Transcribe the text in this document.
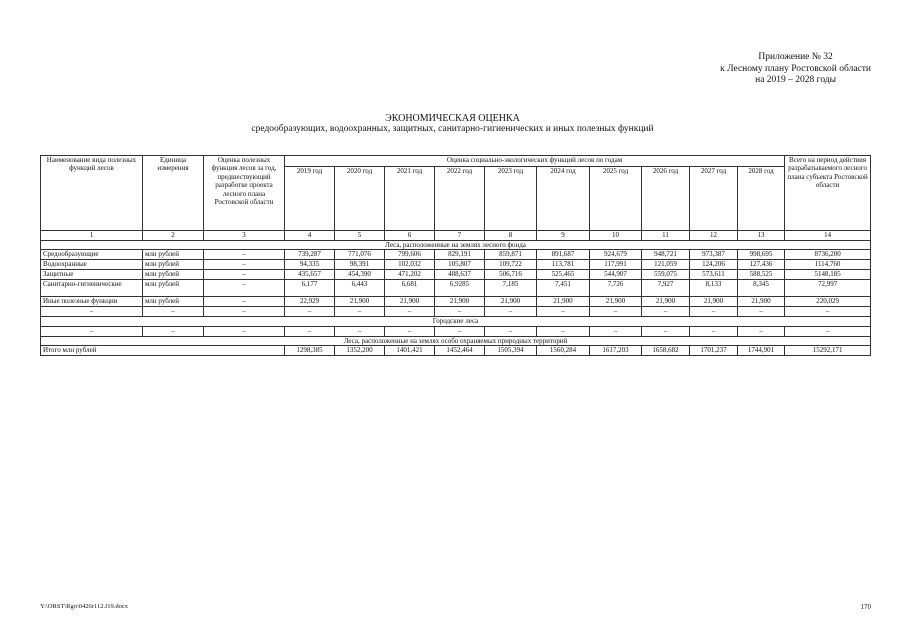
Приложение № 32
к Лесному плану Ростовской области
на 2019 – 2028 годы
ЭКОНОМИЧЕСКАЯ ОЦЕНКА
средообразующих, водоохранных, защитных, санитарно-гигиенических и иных полезных функций
Наименование вида полезных функций лесов	Единица измерения	Оценка полезных функция лесов за год, предшествующий разработке проекта лесного плана Ростовской области	Оценка социально-экологических функций лесов по годам										Всего на период действия разрабатываемого лесного плана субъекта Ростовской области
			2019 год	2020 год	2021 год	2022 год	2023 год	2024 год	2025 год	2026 год	2027 год	2028 год	
1	2	3	4	5	6	7	8	9	10	11	12	13	14
Леса, расположенные на землях лесного фонда													
Средообразующие	млн рублей	–	739,287	771,076	799,606	829,191	859,871	891,687	924,679	948,721	973,387	998,695	8736,200
Водоохранные	млн рублей	–	94,335	98,391	102,032	105,807	109,722	113,781	117,991	121,059	124,206	127,436	1114,760
Защитные	млн рублей	–	435,657	454,390	471,202	488,637	506,716	525,465	544,907	559,075	573,611	588,525	5148,185
Санитарно-гигиенические	млн рублей	–	6,177	6,443	6,681	6,9285	7,185	7,451	7,726	7,927	8,133	8,345	72,997
Иные полезные функции	млн рублей	–	22,929	21,900	21,900	21,900	21,900	21,900	21,900	21,900	21,900	21,900	220,029
–	–	–	–	–	–	–	–	–	–	–	–	–	–
Городские леса													
–	–	–	–	–	–	–	–	–	–	–	–	–	–
Леса, расположенные на землях особо охраняемых природных территорий													
Итого млн рублей			1298,385	1352,200	1401,421	1452,464	1505,394	1560,284	1617,203	1658,682	1701,237	1744,901	15292,171
Y:\ORST\Rgo\0426r112.f19.docx	170
